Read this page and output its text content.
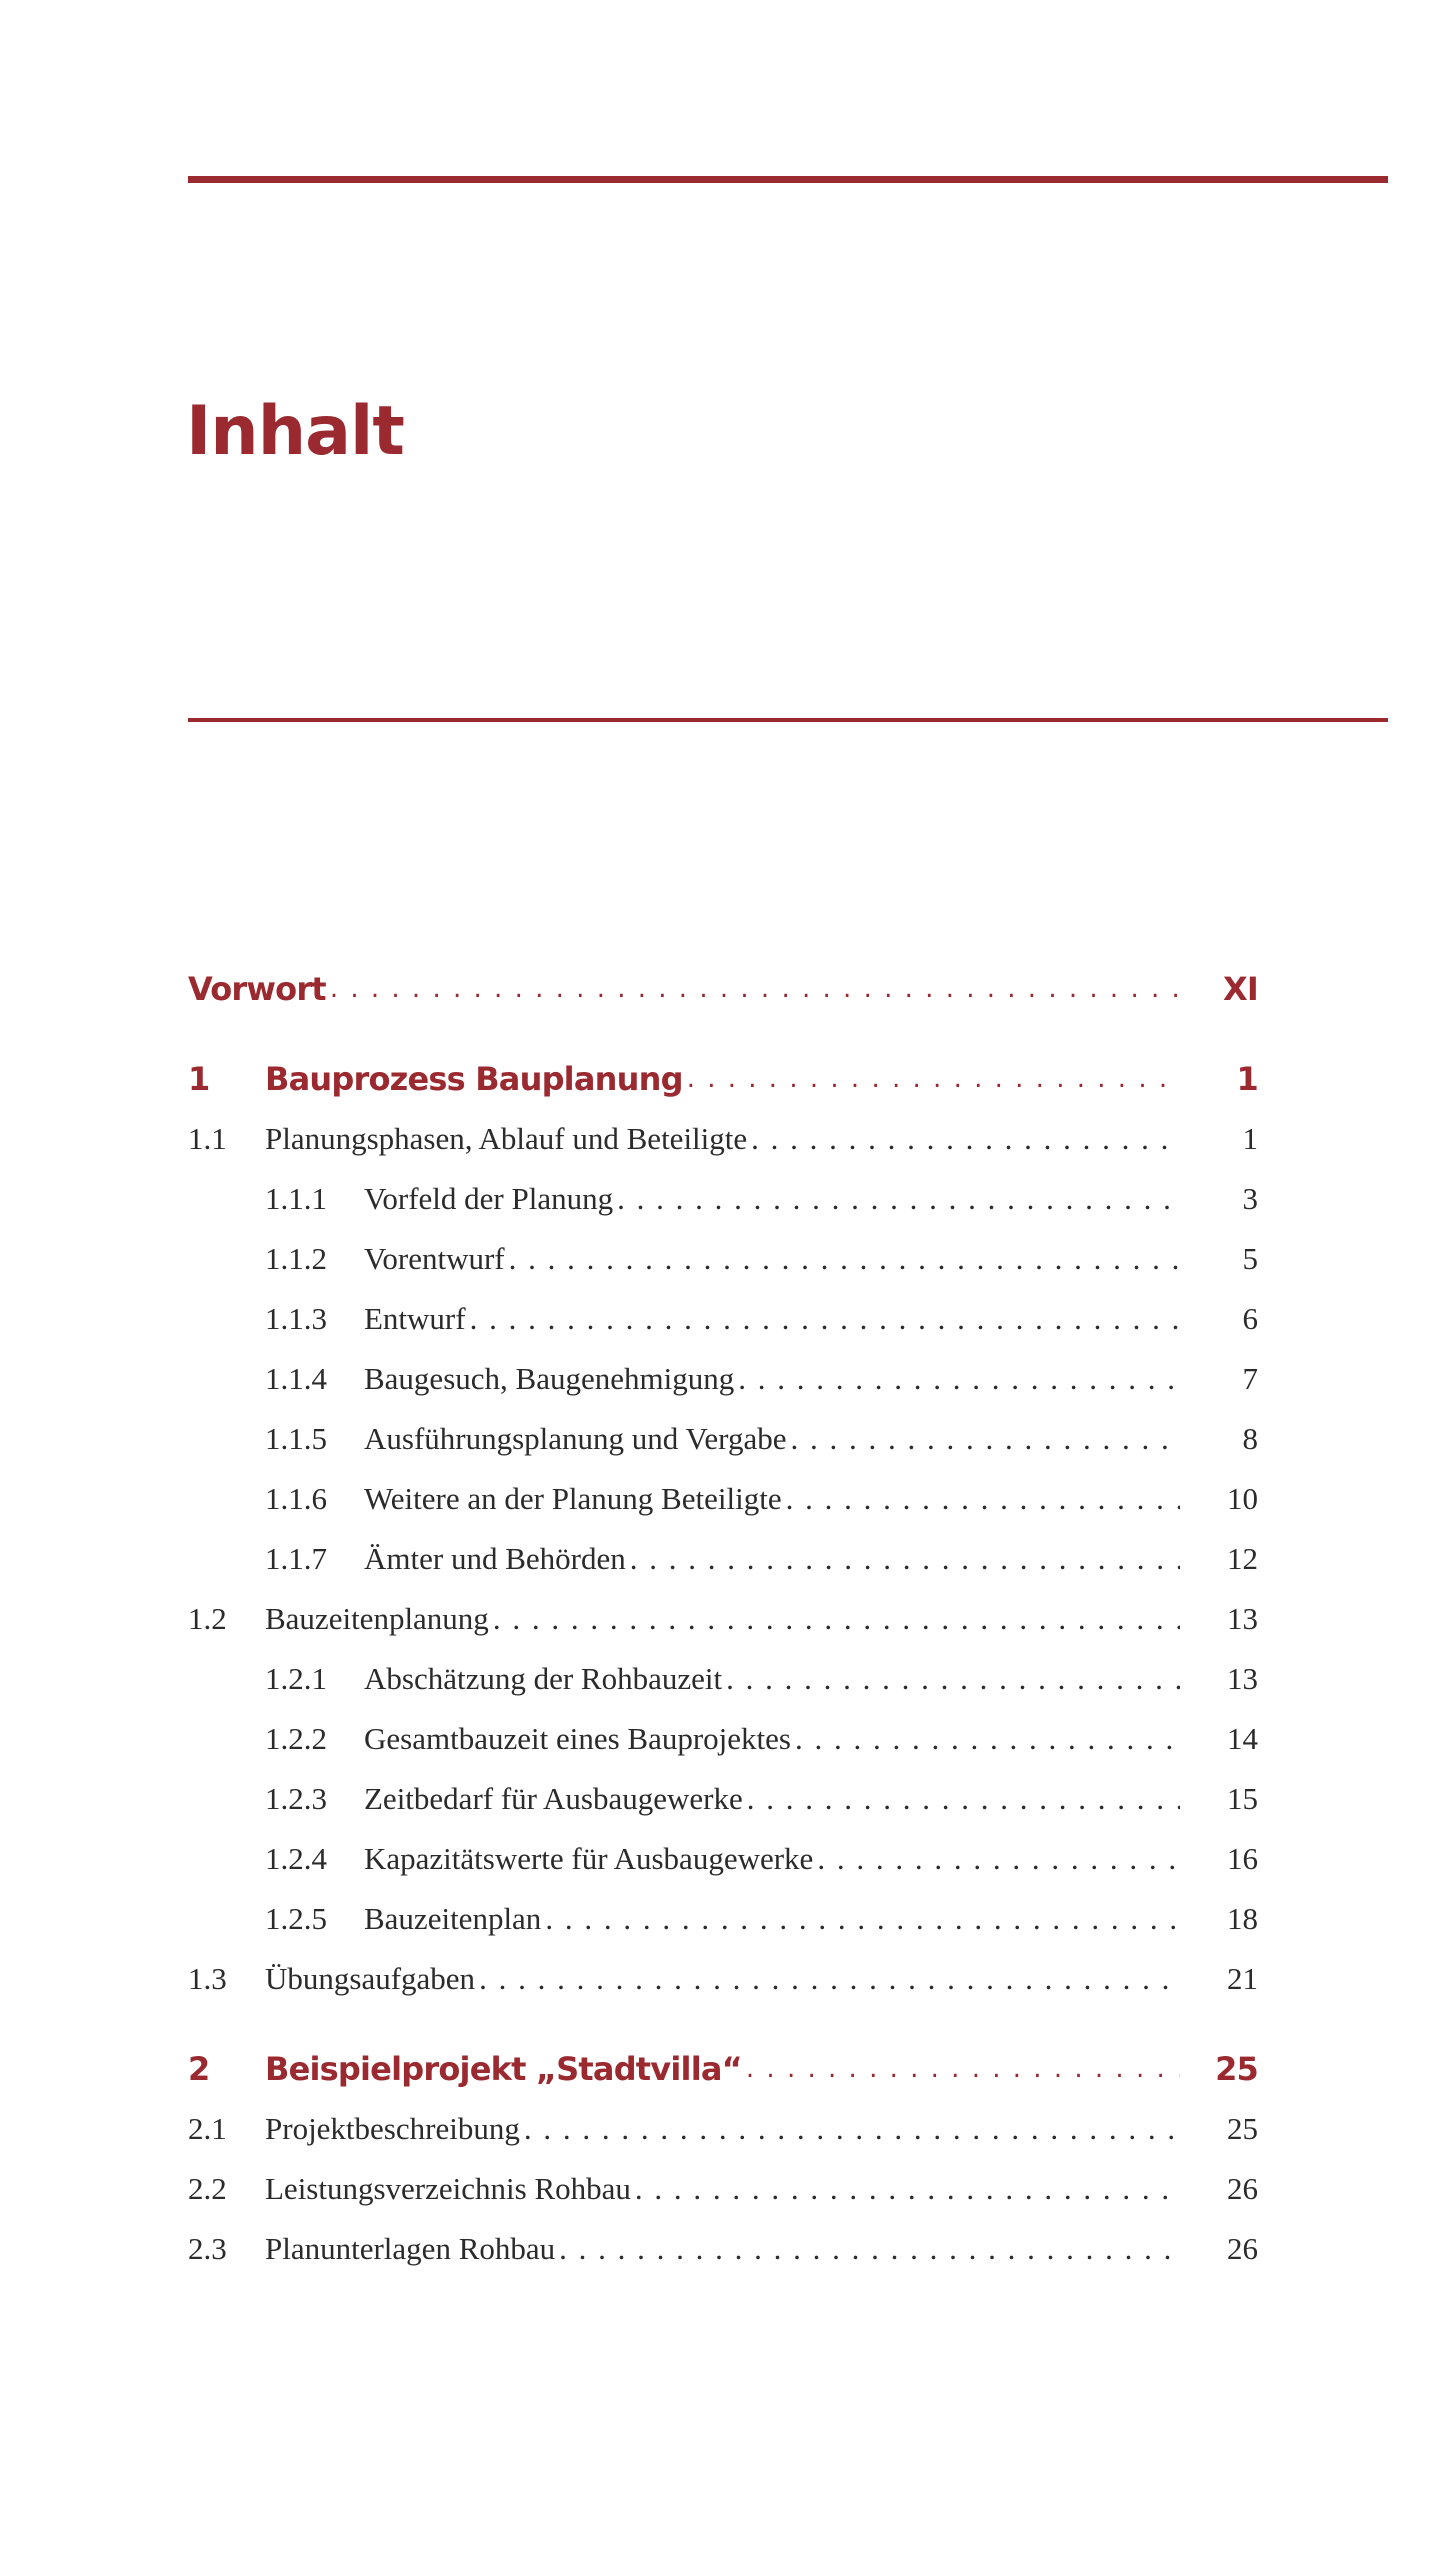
Inhalt
Vorwort . . .	XI
1	Bauprozess Bauplanung . . .	1
1.1	Planungsphasen, Ablauf und Beteiligte . . .	1
1.1.1	Vorfeld der Planung . . .	3
1.1.2	Vorentwurf . . .	5
1.1.3	Entwurf . . .	6
1.1.4	Baugesuch, Baugenehmigung . . .	7
1.1.5	Ausführungsplanung und Vergabe . . .	8
1.1.6	Weitere an der Planung Beteiligte . . .	10
1.1.7	Ämter und Behörden . . .	12
1.2	Bauzeitenplanung . . .	13
1.2.1	Abschätzung der Rohbauzeit . . .	13
1.2.2	Gesamtbauzeit eines Bauprojektes . . .	14
1.2.3	Zeitbedarf für Ausbaugewerke . . .	15
1.2.4	Kapazitätswerte für Ausbaugewerke . . .	16
1.2.5	Bauzeitenplan . . .	18
1.3	Übungsaufgaben . . .	21
2	Beispielprojekt „Stadtvilla“ . . .	25
2.1	Projektbeschreibung . . .	25
2.2	Leistungsverzeichnis Rohbau . . .	26
2.3	Planunterlagen Rohbau . . .	26
